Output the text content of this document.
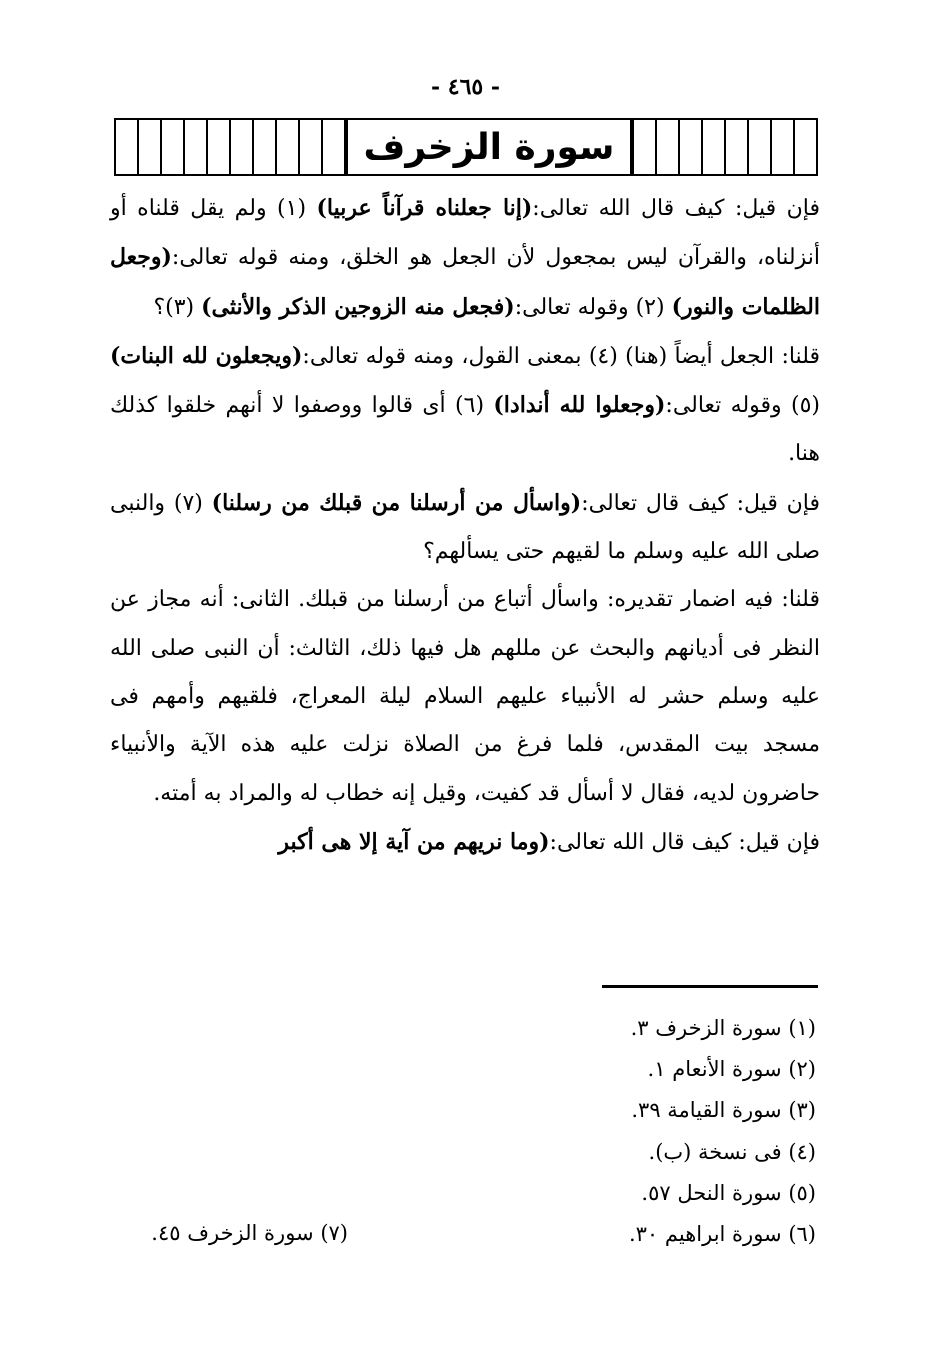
- ٤٦٥ -
سورة الزخرف

فإن قيل: كيف قال الله تعالى:(إنا جعلناه قرآناً عربيا) (١) ولم يقل قلناه أو أنزلناه، والقرآن ليس بمجعول لأن الجعل هو الخلق، ومنه قوله تعالى:(وجعل الظلمات والنور) (٢) وقوله تعالى:(فجعل منه الزوجين الذكر والأنثى) (٣)؟

قلنا: الجعل أيضاً (هنا) (٤) بمعنى القول، ومنه قوله تعالى:(ويجعلون لله البنات) (٥) وقوله تعالى:(وجعلوا لله أندادا) (٦) أى قالوا ووصفوا لا أنهم خلقوا كذلك هنا.

فإن قيل: كيف قال تعالى:(واسأل من أرسلنا من قبلك من رسلنا) (٧) والنبى صلى الله عليه وسلم ما لقيهم حتى يسألهم؟

قلنا: فيه اضمار تقديره: واسأل أتباع من أرسلنا من قبلك. الثانى: أنه مجاز عن النظر فى أديانهم والبحث عن مللهم هل فيها ذلك، الثالث: أن النبى صلى الله عليه وسلم حشر له الأنبياء عليهم السلام ليلة المعراج، فلقيهم وأمهم فى مسجد بيت المقدس، فلما فرغ من الصلاة نزلت عليه هذه الآية والأنبياء حاضرون لديه، فقال لا أسأل قد كفيت، وقيل إنه خطاب له والمراد به أمته.

فإن قيل: كيف قال الله تعالى:(وما نريهم من آية إلا هى أكبر

(١) سورة الزخرف ٣.
(٢) سورة الأنعام ١.
(٣) سورة القيامة ٣٩.
(٤) فى نسخة (ب).
(٥) سورة النحل ٥٧.
(٦) سورة ابراهيم ٣٠.
(٧) سورة الزخرف ٤٥.
